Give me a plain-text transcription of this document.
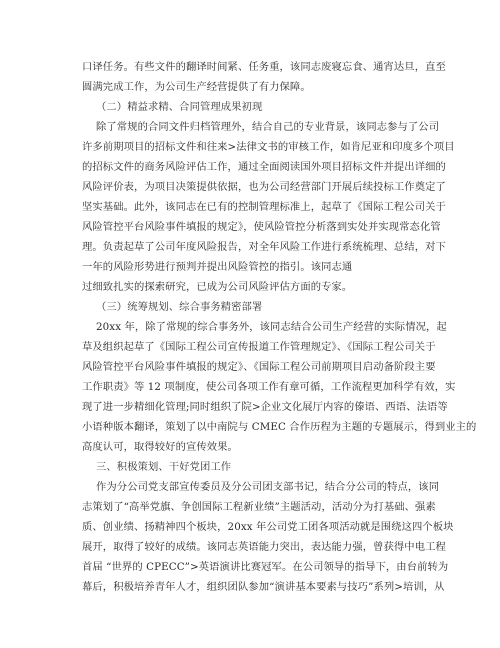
口译任务。有些文件的翻译时间紧、任务重，该同志废寝忘食、通宵达旦，直至
圆满完成工作，为公司生产经营提供了有力保障。
（二）精益求精、合同管理成果初现
除了常规的合同文件归档管理外，结合自己的专业背景，该同志参与了公司
许多前期项目的招标文件和往来>法律文书的审核工作，如肯尼亚和印度多个项目
的招标文件的商务风险评估工作，通过全面阅读国外项目招标文件并提出详细的
风险评价表，为项目决策提供依据，也为公司经营部门开展后续投标工作奠定了
坚实基础。此外，该同志在已有的控制管理标准上，起草了《国际工程公司关于
风险管控平台风险事件填报的规定》，使风险管控分析落到实处并实现常态化管
理。负责起草了公司年度风险报告，对全年风险工作进行系统梳理、总结，对下
一年的风险形势进行预判并提出风险管控的指引。该同志通
过细致扎实的探索研究，已成为公司风险评估方面的专家。
（三）统筹规划、综合事务精密部署
20xx 年，除了常规的综合事务外，该同志结合公司生产经营的实际情况，起
草及组织起草了《国际工程公司宣传报道工作管理规定》、《国际工程公司关于
风险管控平台风险事件填报的规定》、《国际工程公司前期项目启动备阶段主要
工作职责》等 12 项制度，使公司各项工作有章可循，工作流程更加科学有效，实
现了进一步精细化管理;同时组织了院>企业文化展厅内容的傣语、西语、法语等
小语种版本翻译，策划了以中南院与 CMEC 合作历程为主题的专题展示，得到业主的
高度认可，取得较好的宣传效果。
三、积极策划、干好党团工作
作为分公司党支部宣传委员及分公司团支部书记，结合分公司的特点，该同
志策划了“高举党旗、争创国际工程新业绩”主题活动，活动分为打基础、强素
质、创业绩、扬精神四个板块，20xx 年公司党工团各项活动就是围绕这四个板块
展开，取得了较好的成绩。该同志英语能力突出，表达能力强，曾获得中电工程
首届 “世界的 CPECC”>英语演讲比赛冠军。在公司领导的指导下，由台前转为
幕后，积极培养青年人才，组织团队参加“演讲基本要素与技巧”系列>培训，从
